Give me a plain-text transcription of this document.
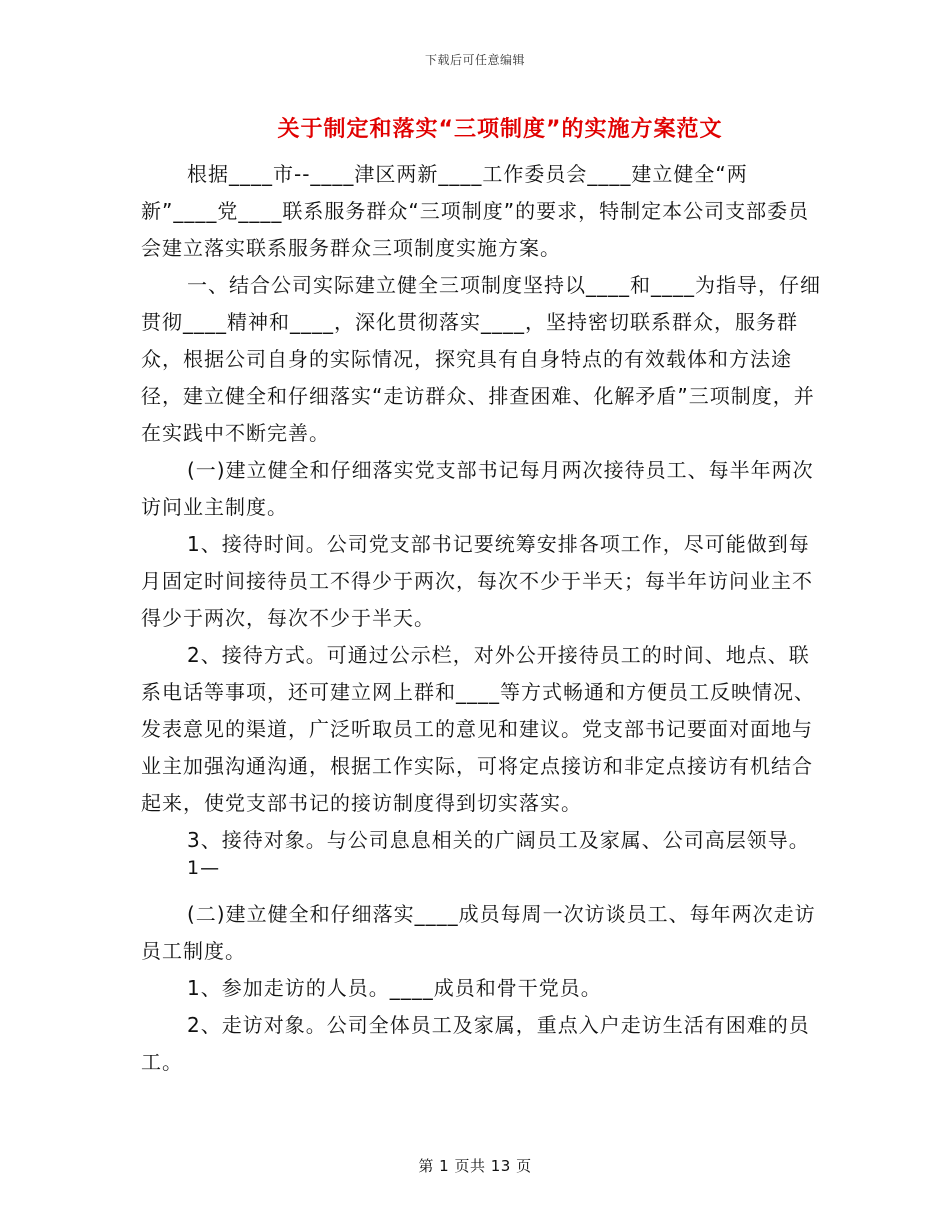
下载后可任意编辑
关于制定和落实“三项制度”的实施方案范文

根据____市--____津区两新____工作委员会____建立健全“两新”____党____联系服务群众“三项制度”的要求，特制定本公司支部委员会建立落实联系服务群众三项制度实施方案。

一、结合公司实际建立健全三项制度坚持以____和____为指导，仔细贯彻____精神和____，深化贯彻落实____，坚持密切联系群众，服务群众，根据公司自身的实际情况，探究具有自身特点的有效载体和方法途径，建立健全和仔细落实“走访群众、排查困难、化解矛盾”三项制度，并在实践中不断完善。

(一)建立健全和仔细落实党支部书记每月两次接待员工、每半年两次访问业主制度。

1、接待时间。公司党支部书记要统筹安排各项工作，尽可能做到每月固定时间接待员工不得少于两次，每次不少于半天；每半年访问业主不得少于两次，每次不少于半天。

2、接待方式。可通过公示栏，对外公开接待员工的时间、地点、联系电话等事项，还可建立网上群和____等方式畅通和方便员工反映情况、发表意见的渠道，广泛听取员工的意见和建议。党支部书记要面对面地与业主加强沟通沟通，根据工作实际，可将定点接访和非定点接访有机结合起来，使党支部书记的接访制度得到切实落实。

3、接待对象。与公司息息相关的广阔员工及家属、公司高层领导。

(二)建立健全和仔细落实____成员每周一次访谈员工、每年两次走访员工制度。

1、参加走访的人员。____成员和骨干党员。

2、走访对象。公司全体员工及家属，重点入户走访生活有困难的员工。

1—
第 1 页共 13 页
